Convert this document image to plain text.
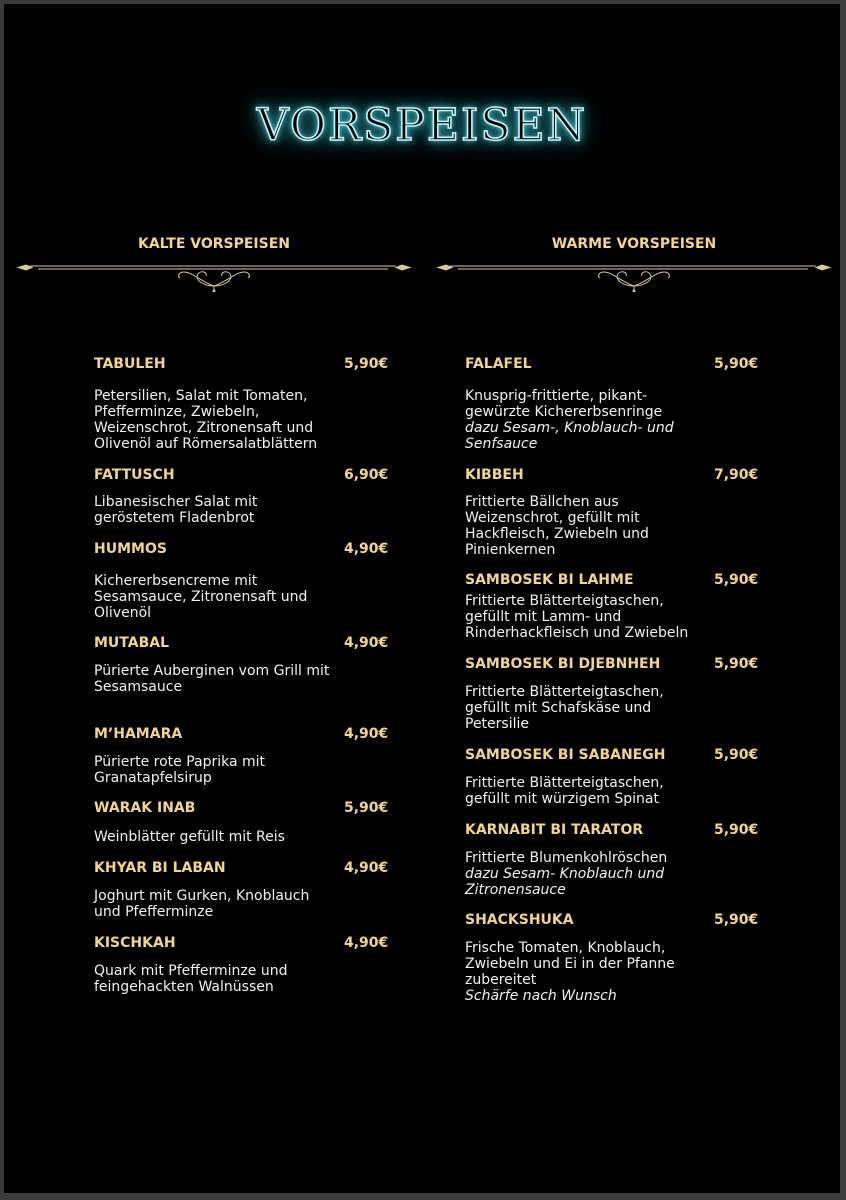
VORSPEISEN
KALTE VORSPEISEN
TABULEH	5,90€
Petersilien, Salat mit Tomaten,
Pfefferminze, Zwiebeln,
Weizenschrot, Zitronensaft und
Olivenöl auf Römersalatblättern
FATTUSCH	6,90€
Libanesischer Salat mit
geröstetem Fladenbrot
HUMMOS	4,90€
Kichererbsencreme mit
Sesamsauce, Zitronensaft und
Olivenöl
MUTABAL	4,90€
Pürierte Auberginen vom Grill mit
Sesamsauce
M’HAMARA	4,90€
Pürierte rote Paprika mit
Granatapfelsirup
WARAK INAB	5,90€
Weinblätter gefüllt mit Reis
KHYAR BI LABAN	4,90€
Joghurt mit Gurken, Knoblauch
und Pfefferminze
KISCHKAH	4,90€
Quark mit Pfefferminze und
feingehackten Walnüssen
WARME VORSPEISEN
FALAFEL	5,90€
Knusprig-frittierte, pikant-
gewürzte Kichererbsenringe
dazu Sesam-, Knoblauch- und
Senfsauce
KIBBEH	7,90€
Frittierte Bällchen aus
Weizenschrot, gefüllt mit
Hackfleisch, Zwiebeln und
Pinienkernen
SAMBOSEK BI LAHME	5,90€
Frittierte Blätterteigtaschen,
gefüllt mit Lamm- und
Rinderhackfleisch und Zwiebeln
SAMBOSEK BI DJEBNHEH	5,90€
Frittierte Blätterteigtaschen,
gefüllt mit Schafskäse und
Petersilie
SAMBOSEK BI SABANEGH	5,90€
Frittierte Blätterteigtaschen,
gefüllt mit würzigem Spinat
KARNABIT BI TARATOR	5,90€
Frittierte Blumenkohlröschen
dazu Sesam- Knoblauch und
Zitronensauce
SHACKSHUKA	5,90€
Frische Tomaten, Knoblauch,
Zwiebeln und Ei in der Pfanne
zubereitet
Schärfe nach Wunsch
